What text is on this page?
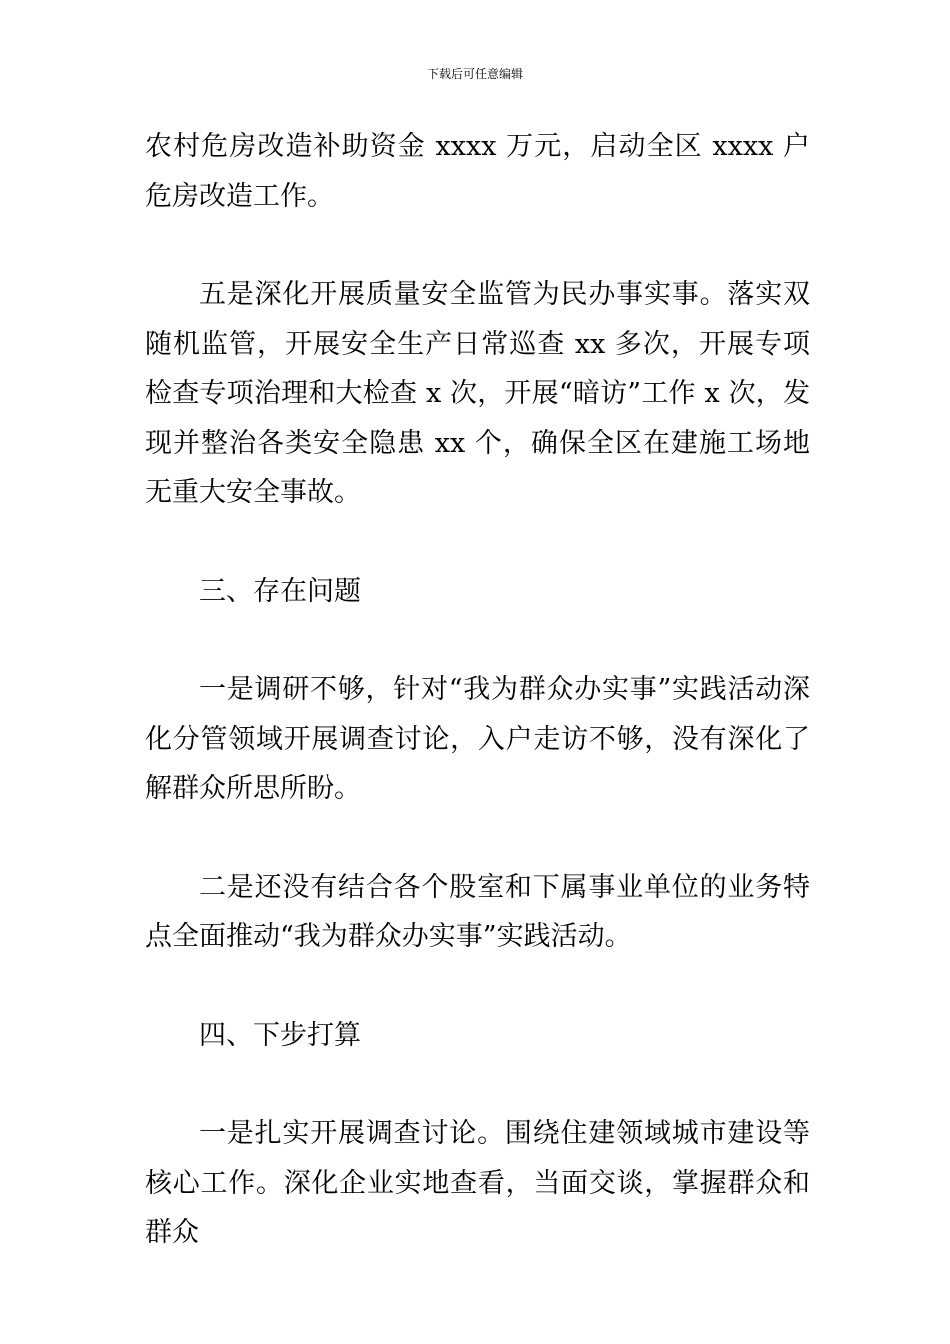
下载后可任意编辑

农村危房改造补助资金 xxxx 万元，启动全区 xxxx 户危房改造工作。

五是深化开展质量安全监管为民办事实事。落实双随机监管，开展安全生产日常巡查 xx 多次，开展专项检查专项治理和大检查 x 次，开展“暗访”工作 x 次，发现并整治各类安全隐患 xx 个，确保全区在建施工场地无重大安全事故。

三、存在问题

一是调研不够，针对“我为群众办实事”实践活动深化分管领域开展调查讨论，入户走访不够，没有深化了解群众所思所盼。

二是还没有结合各个股室和下属事业单位的业务特点全面推动“我为群众办实事”实践活动。

四、下步打算

一是扎实开展调查讨论。围绕住建领域城市建设等核心工作。深化企业实地查看，当面交谈，掌握群众和群众
